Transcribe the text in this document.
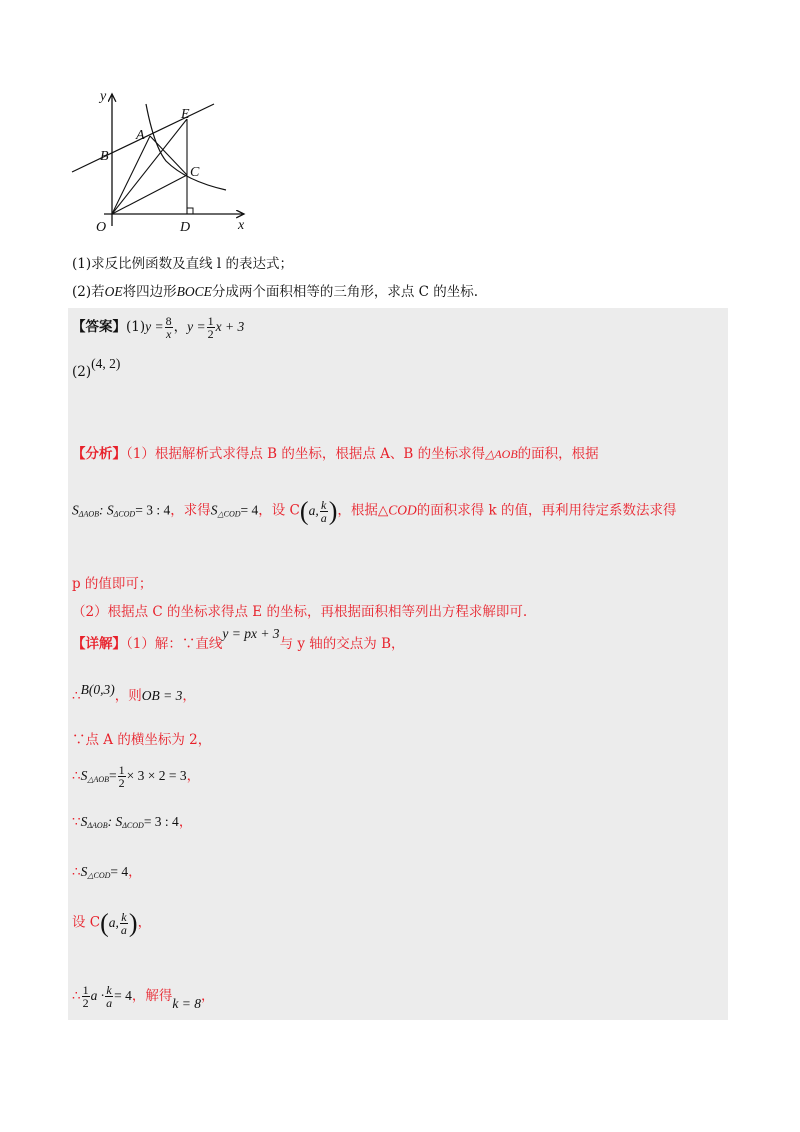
y
x
O
B
A
E
C
D
(1)求反比例函数及直线 l 的表达式；
(2)若OE将四边形BOCE分成两个面积相等的三角形，求点 C 的坐标.
【答案】$(1)y = \frac{8}{x}$ ，$y = \frac{1}{2}$ x + 3
(2)(4, 2)
【分析】（1）根据解析式求得点 B 的坐标，根据点 A、B 的坐标求得△AOB的面积，根据
$S_{\Delta AOB}$: $S_{\Delta COD}= 3$ : 4，求得$S_{\triangle COD}= 4$，设 C(a, $\frac{k}{a}$ )，根据△COD的面积求得 k 的值，再利用待定系数法求得
p 的值即可；
（2）根据点 C 的坐标求得点 E 的坐标，再根据面积相等列出方程求解即可.
【详解】（1）解：∵直线y = px + 3与 y 轴的交点为 B，
∴B(0,3)，则OB = 3，
∵点 A 的横坐标为 2，
$\therefore S_{\triangle AOB}= \frac{1}{2} \times 3 \times 2 = 3$，
$\because S_{\Delta AOB}$: $S_{\Delta COD}= 3$ : 4，
$\therefore S_{\triangle COD}= 4$，
设 C(a, $\frac{k}{a}$ )，
∴ $\frac{1}{2}$ $a \cdot \frac{k}{a} = 4$，解得k = 8，
